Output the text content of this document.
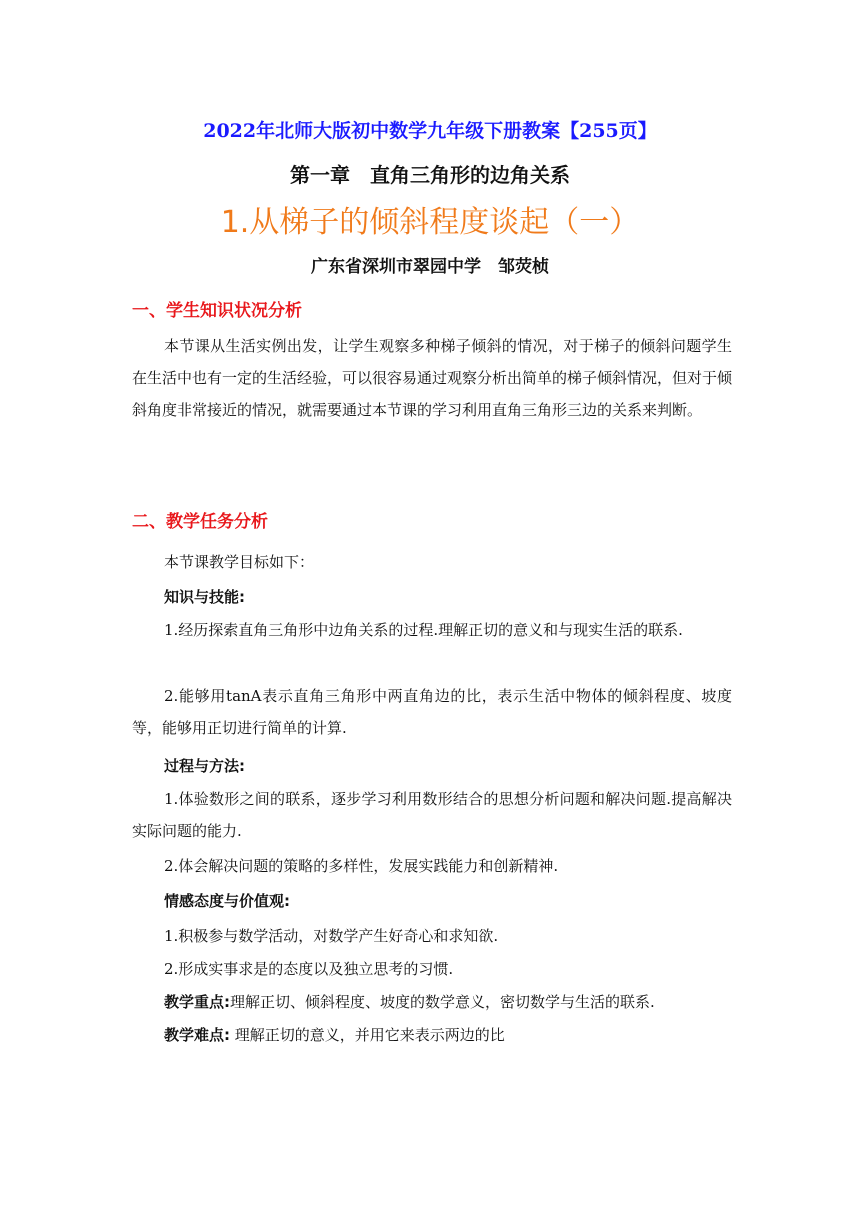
2022年北师大版初中数学九年级下册教案【255页】
第一章　直角三角形的边角关系
1.从梯子的倾斜程度谈起（一）
广东省深圳市翠园中学　邹荧桢
一、学生知识状况分析
本节课从生活实例出发，让学生观察多种梯子倾斜的情况，对于梯子的倾斜问题学生在生活中也有一定的生活经验，可以很容易通过观察分析出简单的梯子倾斜情况，但对于倾斜角度非常接近的情况，就需要通过本节课的学习利用直角三角形三边的关系来判断。
二、教学任务分析
本节课教学目标如下：
知识与技能:
1.经历探索直角三角形中边角关系的过程.理解正切的意义和与现实生活的联系.
2.能够用tanA表示直角三角形中两直角边的比，表示生活中物体的倾斜程度、坡度等，能够用正切进行简单的计算.
过程与方法:
1.体验数形之间的联系，逐步学习利用数形结合的思想分析问题和解决问题.提高解决实际问题的能力.
2.体会解决问题的策略的多样性，发展实践能力和创新精神.
情感态度与价值观:
1.积极参与数学活动，对数学产生好奇心和求知欲.
2.形成实事求是的态度以及独立思考的习惯.
教学重点:理解正切、倾斜程度、坡度的数学意义，密切数学与生活的联系.
教学难点: 理解正切的意义，并用它来表示两边的比
